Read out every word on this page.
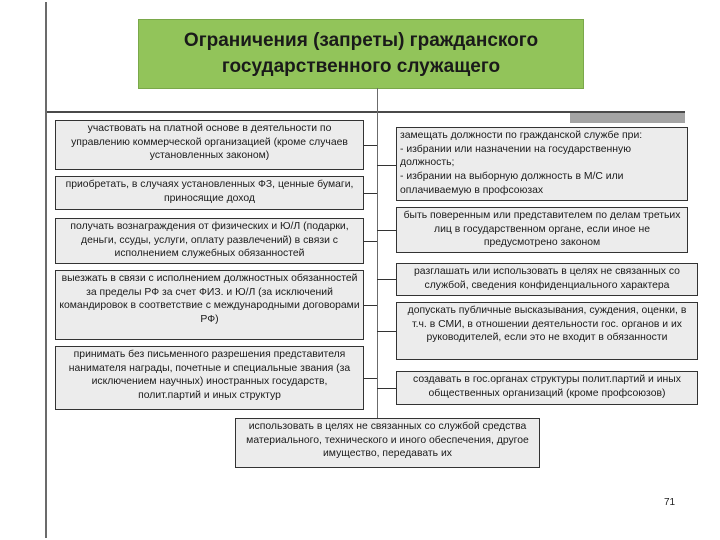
Ограничения (запреты) гражданского
государственного служащего
участвовать на платной основе в деятельности по управлению коммерческой организацией (кроме случаев установленных законом)
приобретать, в случаях установленных ФЗ, ценные бумаги, приносящие доход
получать вознаграждения от физических и Ю/Л (подарки, деньги, ссуды, услуги, оплату развлечений) в связи с исполнением служебных обязанностей
выезжать в связи с исполнением должностных обязанностей за пределы РФ за счет ФИЗ. и Ю/Л (за исключений командировок в соответствие с международными договорами РФ)
принимать без письменного разрешения представителя нанимателя награды, почетные и специальные звания (за исключением научных) иностранных государств, полит.партий и иных структур
замещать должности по гражданской службе при:
- избрании или назначении на государственную должность;
- избрании на выборную должность в М/С или оплачиваемую в профсоюзах
быть поверенным или представителем по делам третьих лиц в государственном органе, если иное не предусмотрено законом
разглашать или использовать в целях не связанных со службой, сведения конфиденциального характера
допускать публичные высказывания, суждения, оценки, в т.ч. в СМИ, в отношении деятельности гос. органов и их руководителей, если это не входит в обязанности
создавать в гос.органах структуры полит.партий и иных общественных организаций (кроме профсоюзов)
использовать в целях не связанных со службой средства материального, технического и иного обеспечения, другое имущество, передавать их
71
